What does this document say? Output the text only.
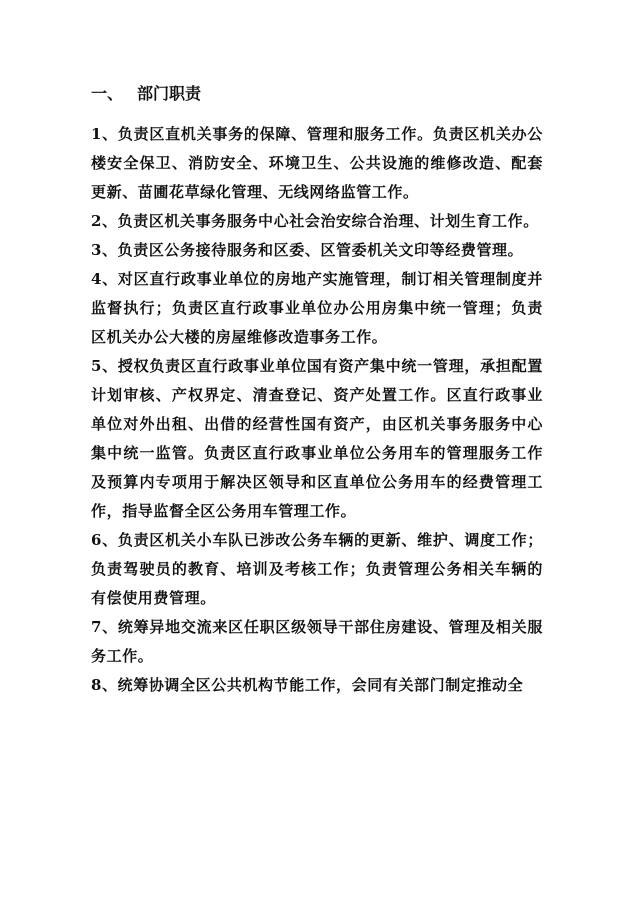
一、 部门职责

1、负责区直机关事务的保障、管理和服务工作。负责区机关办公楼安全保卫、消防安全、环境卫生、公共设施的维修改造、配套更新、苗圃花草绿化管理、无线网络监管工作。

2、负责区机关事务服务中心社会治安综合治理、计划生育工作。

3、负责区公务接待服务和区委、区管委机关文印等经费管理。

4、对区直行政事业单位的房地产实施管理，制订相关管理制度并监督执行；负责区直行政事业单位办公用房集中统一管理；负责区机关办公大楼的房屋维修改造事务工作。

5、授权负责区直行政事业单位国有资产集中统一管理，承担配置计划审核、产权界定、清查登记、资产处置工作。区直行政事业单位对外出租、出借的经营性国有资产，由区机关事务服务中心集中统一监管。负责区直行政事业单位公务用车的管理服务工作及预算内专项用于解决区领导和区直单位公务用车的经费管理工作，指导监督全区公务用车管理工作。

6、负责区机关小车队已涉改公务车辆的更新、维护、调度工作；负责驾驶员的教育、培训及考核工作；负责管理公务相关车辆的有偿使用费管理。

7、统筹异地交流来区任职区级领导干部住房建设、管理及相关服务工作。

8、统筹协调全区公共机构节能工作，会同有关部门制定推动全
